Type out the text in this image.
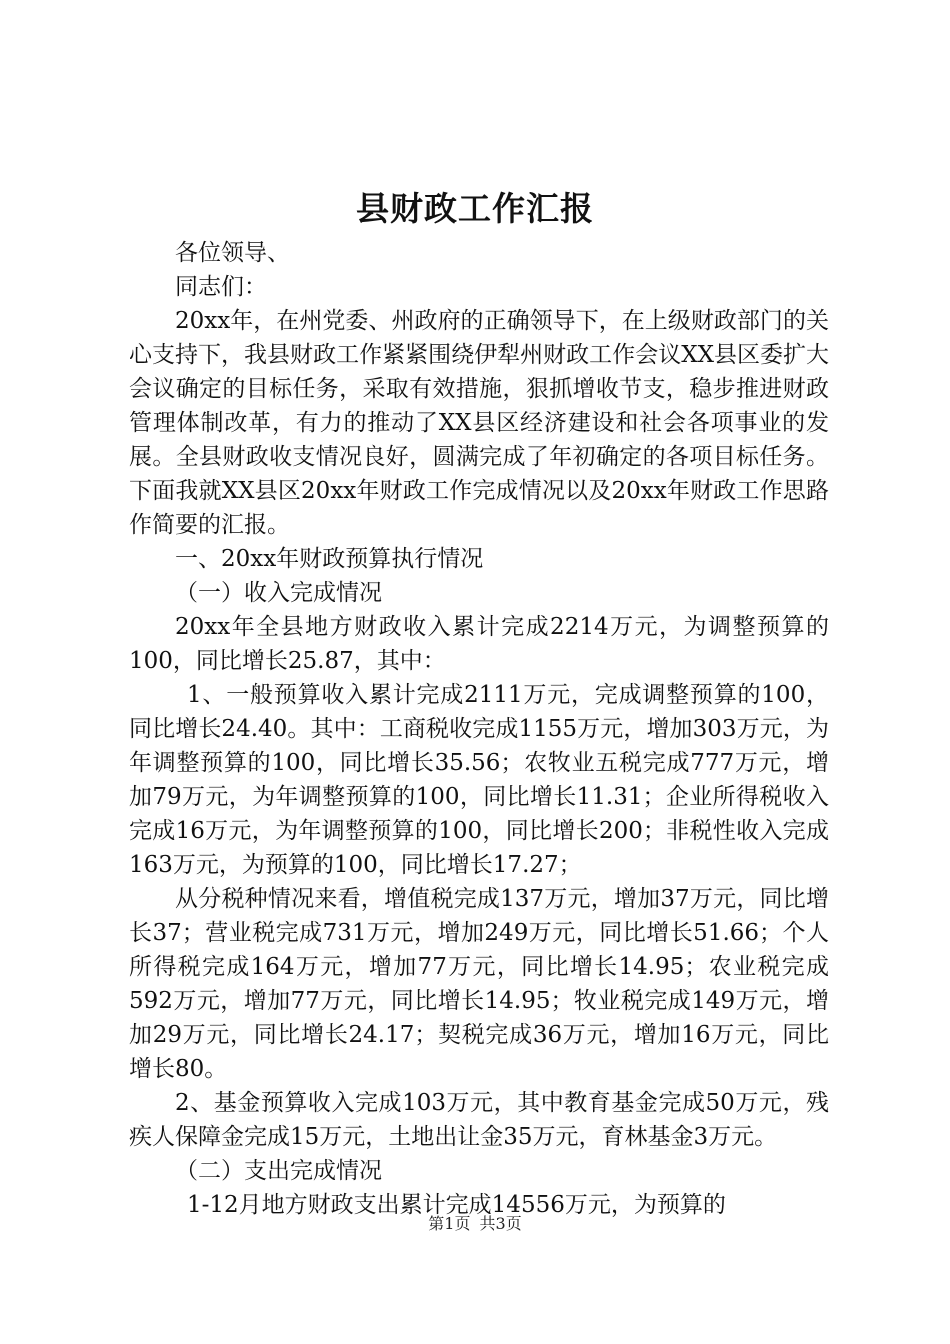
县财政工作汇报

各位领导、

同志们：

20xx年，在州党委、州政府的正确领导下，在上级财政部门的关心支持下，我县财政工作紧紧围绕伊犁州财政工作会议XX县区委扩大会议确定的目标任务，采取有效措施，狠抓增收节支，稳步推进财政管理体制改革，有力的推动了XX县区经济建设和社会各项事业的发展。全县财政收支情况良好，圆满完成了年初确定的各项目标任务。下面我就XX县区20xx年财政工作完成情况以及20xx年财政工作思路作简要的汇报。

一、20xx年财政预算执行情况

（一）收入完成情况

20xx年全县地方财政收入累计完成2214万元，为调整预算的100，同比增长25.87，其中：

1、一般预算收入累计完成2111万元，完成调整预算的100，同比增长24.40。其中：工商税收完成1155万元，增加303万元，为年调整预算的100，同比增长35.56；农牧业五税完成777万元，增加79万元，为年调整预算的100，同比增长11.31；企业所得税收入完成16万元，为年调整预算的100，同比增长200；非税性收入完成163万元，为预算的100，同比增长17.27；

从分税种情况来看，增值税完成137万元，增加37万元，同比增长37；营业税完成731万元，增加249万元，同比增长51.66；个人所得税完成164万元，增加77万元，同比增长14.95；农业税完成592万元，增加77万元，同比增长14.95；牧业税完成149万元，增加29万元，同比增长24.17；契税完成36万元，增加16万元，同比增长80。

2、基金预算收入完成103万元，其中教育基金完成50万元，残疾人保障金完成15万元，土地出让金35万元，育林基金3万元。

（二）支出完成情况

1-12月地方财政支出累计完成14556万元，为预算的

第1页 共3页
